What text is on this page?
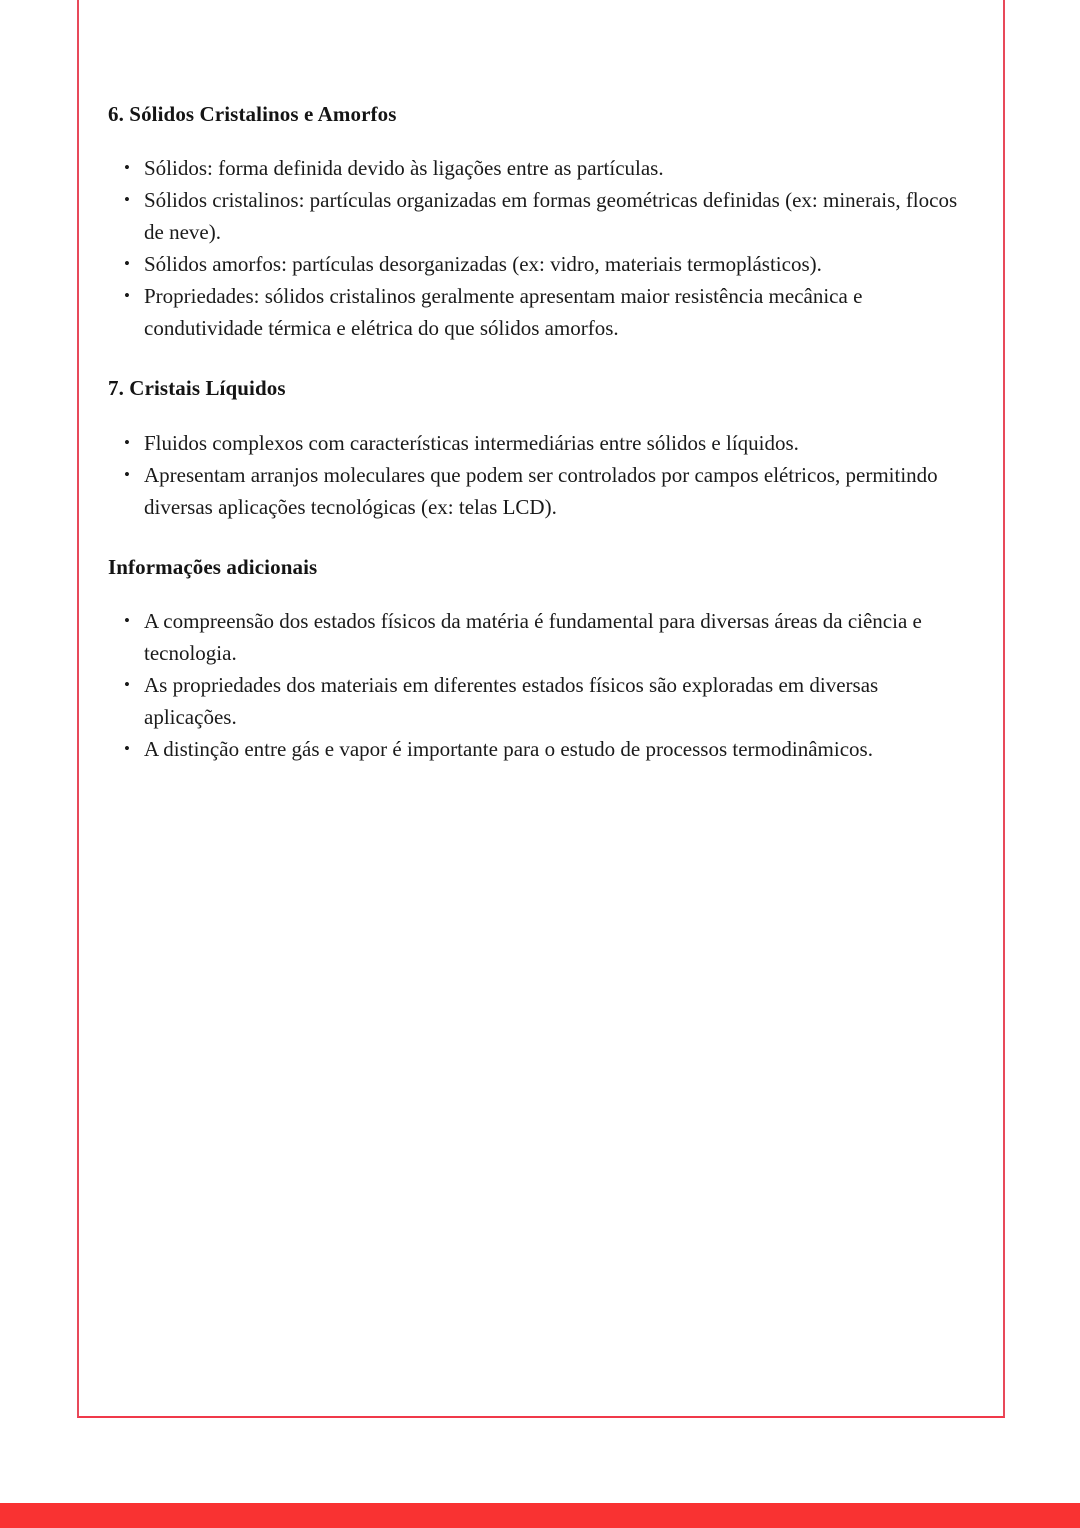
6. Sólidos Cristalinos e Amorfos
• Sólidos: forma definida devido às ligações entre as partículas.
• Sólidos cristalinos: partículas organizadas em formas geométricas definidas (ex: minerais, flocos de neve).
• Sólidos amorfos: partículas desorganizadas (ex: vidro, materiais termoplásticos).
• Propriedades: sólidos cristalinos geralmente apresentam maior resistência mecânica e condutividade térmica e elétrica do que sólidos amorfos.
7. Cristais Líquidos
• Fluidos complexos com características intermediárias entre sólidos e líquidos.
• Apresentam arranjos moleculares que podem ser controlados por campos elétricos, permitindo diversas aplicações tecnológicas (ex: telas LCD).
Informações adicionais
• A compreensão dos estados físicos da matéria é fundamental para diversas áreas da ciência e tecnologia.
• As propriedades dos materiais em diferentes estados físicos são exploradas em diversas aplicações.
• A distinção entre gás e vapor é importante para o estudo de processos termodinâmicos.
